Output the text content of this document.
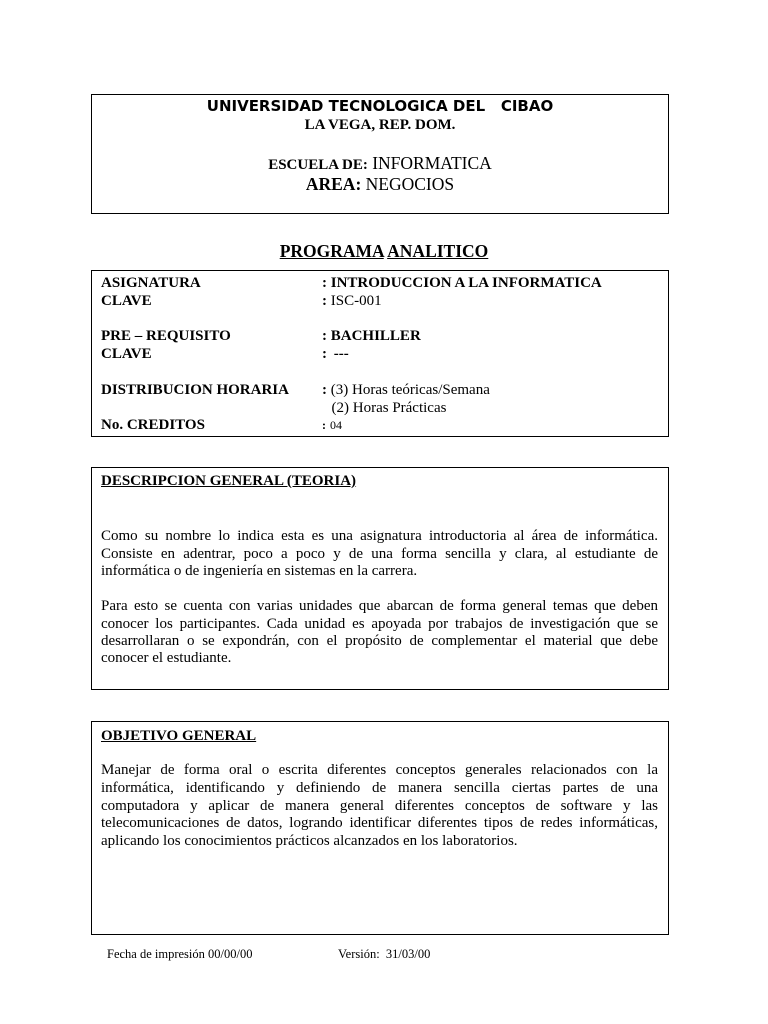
UNIVERSIDAD TECNOLOGICA DEL   CIBAO
LA VEGA, REP. DOM.
ESCUELA DE: INFORMATICA
AREA: NEGOCIOS
PROGRAMA ANALITICO
ASIGNATURA	: INTRODUCCION A LA INFORMATICA
CLAVE	: ISC-001
PRE – REQUISITO	: BACHILLER
CLAVE	: ---
DISTRIBUCION HORARIA	: (3) Horas teóricas/Semana
(2) Horas Prácticas
No. CREDITOS	: 04
DESCRIPCION GENERAL (TEORIA)
Como su nombre lo indica esta es una asignatura introductoria al área de informática.
Consiste en adentrar, poco a poco y de una forma sencilla y clara, al estudiante de
informática o de ingeniería en sistemas en la carrera.
Para esto se cuenta con varias unidades que abarcan de forma general temas que deben
conocer los participantes. Cada unidad es apoyada por trabajos de investigación que se
desarrollaran o se expondrán, con el propósito de complementar el material que debe
conocer el estudiante.
OBJETIVO GENERAL
Manejar de forma oral o escrita diferentes conceptos generales relacionados con la
informática, identificando y definiendo de manera sencilla ciertas partes de una
computadora y aplicar de manera general diferentes conceptos de software y las
telecomunicaciones de datos, logrando identificar diferentes tipos de redes informáticas,
aplicando los conocimientos prácticos alcanzados en los laboratorios.
Fecha de impresión 00/00/00	Versión:  31/03/00
